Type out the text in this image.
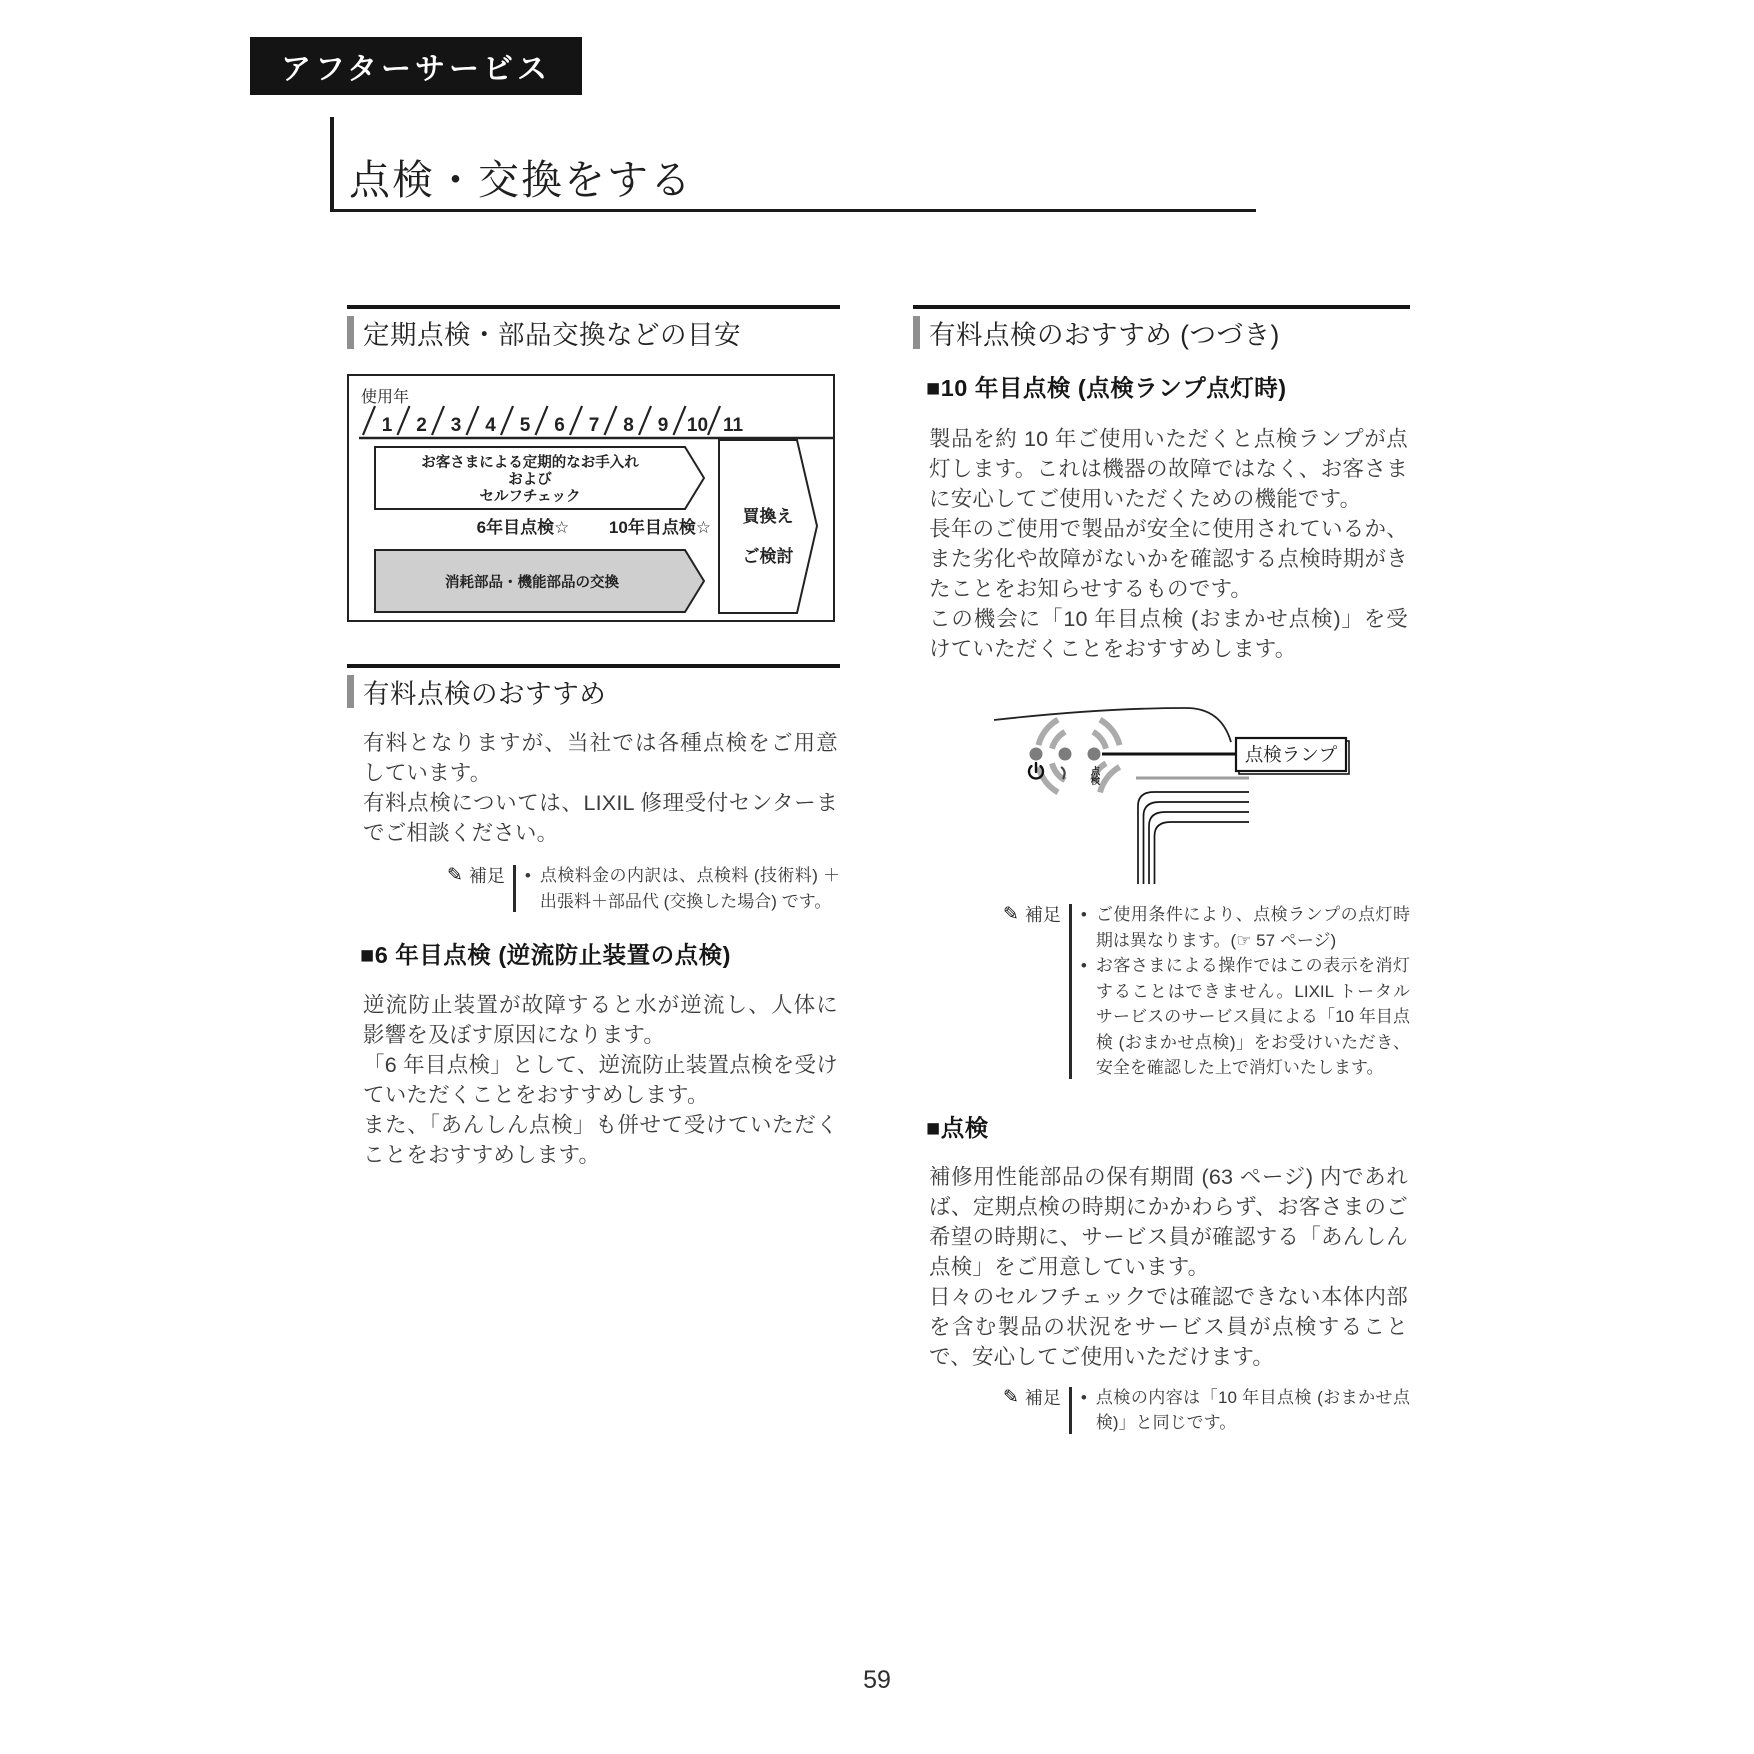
アフターサービス
点検・交換をする
定期点検・部品交換などの目安
使用年
1 2 3 4 5 6 7 8 9 10 11
お客さまによる定期的なお手入れ
および
セルフチェック
6年目点検☆ 10年目点検☆
消耗部品・機能部品の交換
買換え
ご検討
有料点検のおすすめ
有料となりますが、当社では各種点検をご用意しています。
有料点検については、LIXIL 修理受付センターまでご相談ください。
✎ 補足 • 点検料金の内訳は、点検料 (技術料) ＋出張料＋部品代 (交換した場合) です。
■6 年目点検 (逆流防止装置の点検)
逆流防止装置が故障すると水が逆流し、人体に影響を及ぼす原因になります。
「6 年目点検」として、逆流防止装置点検を受けていただくことをおすすめします。
また、「あんしん点検」も併せて受けていただくことをおすすめします。
有料点検のおすすめ (つづき)
■10 年目点検 (点検ランプ点灯時)
製品を約 10 年ご使用いただくと点検ランプが点灯します。これは機器の故障ではなく、お客さまに安心してご使用いただくための機能です。
長年のご使用で製品が安全に使用されているか、また劣化や故障がないかを確認する点検時期がきたことをお知らせするものです。
この機会に「10 年目点検 (おまかせ点検)」を受けていただくことをおすすめします。
点検
点検ランプ
✎ 補足 • ご使用条件により、点検ランプの点灯時期は異なります。(☞ 57 ページ)
• お客さまによる操作ではこの表示を消灯することはできません。LIXIL トータルサービスのサービス員による「10 年目点検 (おまかせ点検)」をお受けいただき、安全を確認した上で消灯いたします。
■点検
補修用性能部品の保有期間 (63 ページ) 内であれば、定期点検の時期にかかわらず、お客さまのご希望の時期に、サービス員が確認する「あんしん点検」をご用意しています。
日々のセルフチェックでは確認できない本体内部を含む製品の状況をサービス員が点検することで、安心してご使用いただけます。
✎ 補足 • 点検の内容は「10 年目点検 (おまかせ点検)」と同じです。
59
